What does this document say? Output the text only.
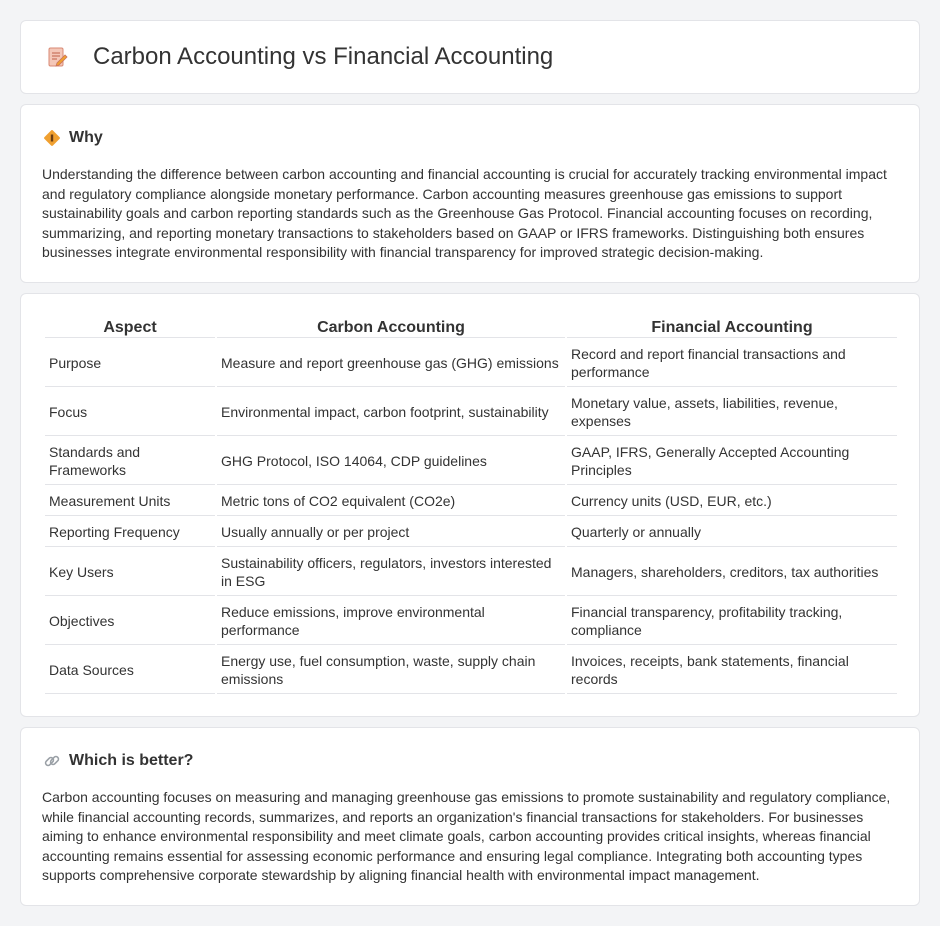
Carbon Accounting vs Financial Accounting
Why

Understanding the difference between carbon accounting and financial accounting is crucial for accurately tracking environmental impact and regulatory compliance alongside monetary performance. Carbon accounting measures greenhouse gas emissions to support sustainability goals and carbon reporting standards such as the Greenhouse Gas Protocol. Financial accounting focuses on recording, summarizing, and reporting monetary transactions to stakeholders based on GAAP or IFRS frameworks. Distinguishing both ensures businesses integrate environmental responsibility with financial transparency for improved strategic decision-making.

Aspect	Carbon Accounting	Financial Accounting
Purpose	Measure and report greenhouse gas (GHG) emissions	Record and report financial transactions and performance
Focus	Environmental impact, carbon footprint, sustainability	Monetary value, assets, liabilities, revenue, expenses
Standards and Frameworks	GHG Protocol, ISO 14064, CDP guidelines	GAAP, IFRS, Generally Accepted Accounting Principles
Measurement Units	Metric tons of CO2 equivalent (CO2e)	Currency units (USD, EUR, etc.)
Reporting Frequency	Usually annually or per project	Quarterly or annually
Key Users	Sustainability officers, regulators, investors interested in ESG	Managers, shareholders, creditors, tax authorities
Objectives	Reduce emissions, improve environmental performance	Financial transparency, profitability tracking, compliance
Data Sources	Energy use, fuel consumption, waste, supply chain emissions	Invoices, receipts, bank statements, financial records
Which is better?

Carbon accounting focuses on measuring and managing greenhouse gas emissions to promote sustainability and regulatory compliance, while financial accounting records, summarizes, and reports an organization's financial transactions for stakeholders. For businesses aiming to enhance environmental responsibility and meet climate goals, carbon accounting provides critical insights, whereas financial accounting remains essential for assessing economic performance and ensuring legal compliance. Integrating both accounting types supports comprehensive corporate stewardship by aligning financial health with environmental impact management.
